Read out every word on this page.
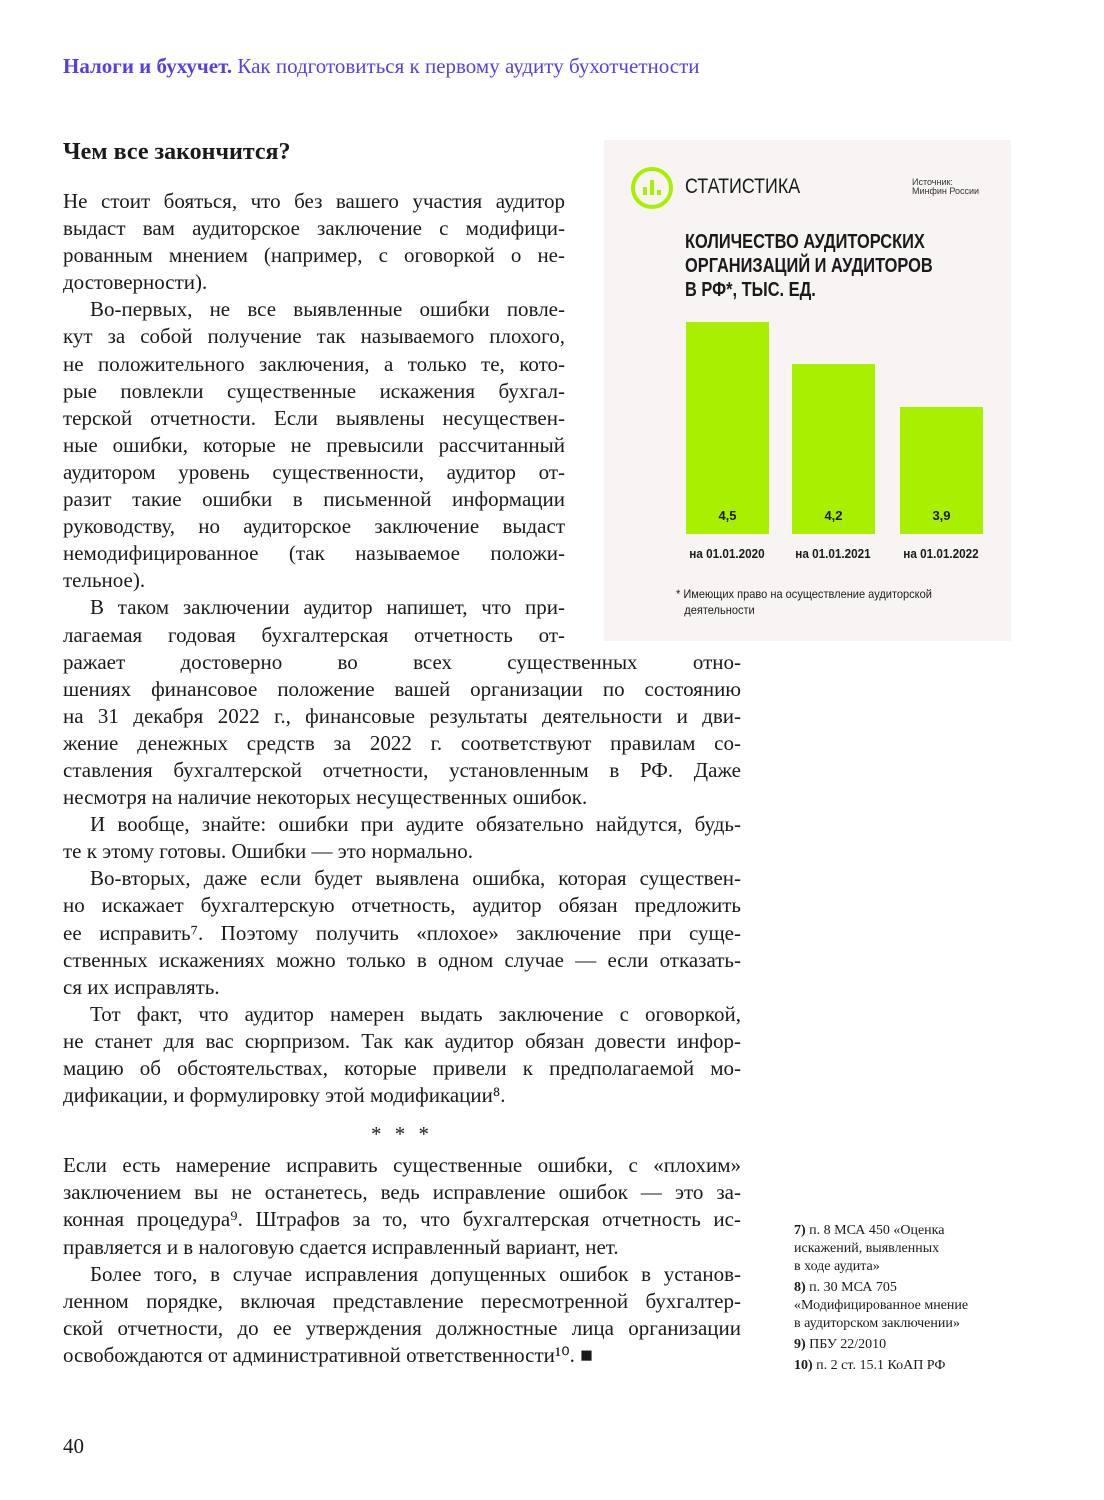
Налоги и бухучет. Как подготовиться к первому аудиту бухотчетности
Чем все закончится?
Не стоит бояться, что без вашего участия аудитор
выдаст вам аудиторское заключение с модифици-
рованным мнением (например, с оговоркой о не-
достоверности).
Во-первых, не все выявленные ошибки повле-
кут за собой получение так называемого плохого,
не положительного заключения, а только те, кото-
рые повлекли существенные искажения бухгал-
терской отчетности. Если выявлены несуществен-
ные ошибки, которые не превысили рассчитанный
аудитором уровень существенности, аудитор от-
разит такие ошибки в письменной информации
руководству, но аудиторское заключение выдаст
немодифицированное (так называемое положи-
тельное).
В таком заключении аудитор напишет, что при-
лагаемая годовая бухгалтерская отчетность от-
ражает достоверно во всех существенных отно-
шениях финансовое положение вашей организации по состоянию
на 31 декабря 2022 г., финансовые результаты деятельности и дви-
жение денежных средств за 2022 г. соответствуют правилам со-
ставления бухгалтерской отчетности, установленным в РФ. Даже
несмотря на наличие некоторых несущественных ошибок.
И вообще, знайте: ошибки при аудите обязательно найдутся, будь-
те к этому готовы. Ошибки — это нормально.
Во-вторых, даже если будет выявлена ошибка, которая существен-
но искажает бухгалтерскую отчетность, аудитор обязан предложить
ее исправить⁷. Поэтому получить «плохое» заключение при суще-
ственных искажениях можно только в одном случае — если отказать-
ся их исправлять.
Тот факт, что аудитор намерен выдать заключение с оговоркой,
не станет для вас сюрпризом. Так как аудитор обязан довести инфор-
мацию об обстоятельствах, которые привели к предполагаемой мо-
дификации, и формулировку этой модификации⁸.
* * *
Если есть намерение исправить существенные ошибки, с «плохим»
заключением вы не останетесь, ведь исправление ошибок — это за-
конная процедура⁹. Штрафов за то, что бухгалтерская отчетность ис-
правляется и в налоговую сдается исправленный вариант, нет.
Более того, в случае исправления допущенных ошибок в установ-
ленном порядке, включая представление пересмотренной бухгалтер-
ской отчетности, до ее утверждения должностные лица организации
освобождаются от административной ответственности¹⁰. ■
СТАТИСТИКА	Источник:
Минфин России
КОЛИЧЕСТВО АУДИТОРСКИХ
ОРГАНИЗАЦИЙ И АУДИТОРОВ
В РФ*, ТЫС. ЕД.
* Имеющих право на осуществление аудиторской
деятельности
4,5
на 01.01.2020
4,2
на 01.01.2021
3,9
на 01.01.2022
7) п. 8 МСА 450 «Оценка
искажений, выявленных
в ходе аудита»
8) п. 30 МСА 705
«Модифицированное мнение
в аудиторском заключении»
9) ПБУ 22/2010
10) п. 2 ст. 15.1 КоАП РФ
40
